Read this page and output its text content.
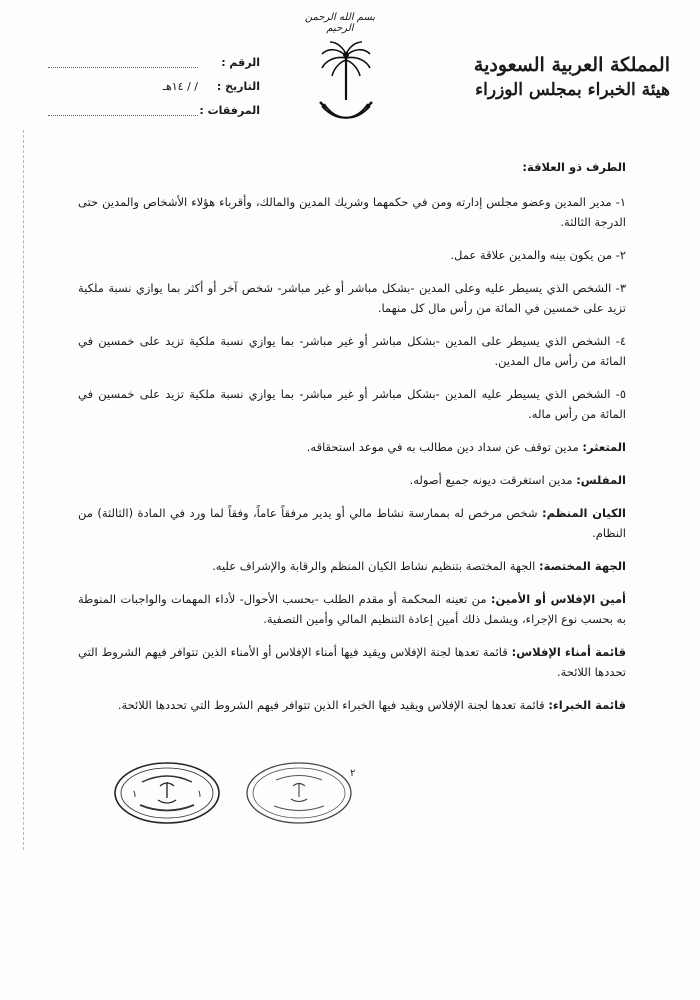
بسم الله الرحمن الرحيم
المملكة العربية السعودية
هيئة الخبراء بمجلس الوزراء
الرقم :
التاريخ :
/ / ١٤هـ
المرفقات :
الطرف ذو العلاقة:
١- مدير المدين وعضو مجلس إدارته ومن في حكمهما وشريك المدين والمالك، وأقرباء هؤلاء الأشخاص والمدين حتى الدرجة الثالثة.
٢- من يكون بينه والمدين علاقة عمل.
٣- الشخص الذي يسيطر عليه وعلى المدين -بشكل مباشر أو غير مباشر- شخص آخر أو أكثر بما يوازي نسبة ملكية تزيد على خمسين في المائة من رأس مال كل منهما.
٤- الشخص الذي يسيطر على المدين -بشكل مباشر أو غير مباشر- بما يوازي نسبة ملكية تزيد على خمسين في المائة من رأس مال المدين.
٥- الشخص الذي يسيطر عليه المدين -بشكل مباشر أو غير مباشر- بما يوازي نسبة ملكية تزيد على خمسين في المائة من رأس ماله.
المتعثر: مدين توقف عن سداد دين مطالب به في موعد استحقاقه.
المفلس: مدين استغرقت ديونه جميع أصوله.
الكيان المنظم: شخص مرخص له بممارسة نشاط مالي أو يدير مرفقاً عاماً، وفقاً لما ورد في المادة (الثالثة) من النظام.
الجهة المختصة: الجهة المختصة بتنظيم نشاط الكيان المنظم والرقابة والإشراف عليه.
أمين الإفلاس أو الأمين: من تعينه المحكمة أو مقدم الطلب -بحسب الأحوال- لأداء المهمات والواجبات المنوطة به بحسب نوع الإجراء، ويشمل ذلك أمين إعادة التنظيم المالي وأمين التصفية.
قائمة أمناء الإفلاس: قائمة تعدها لجنة الإفلاس ويقيد فيها أمناء الإفلاس أو الأمناء الذين تتوافر فيهم الشروط التي تحددها اللائحة.
قائمة الخبراء: قائمة تعدها لجنة الإفلاس ويقيد فيها الخبراء الذين تتوافر فيهم الشروط التي تحددها اللائحة.
٢
١	١
